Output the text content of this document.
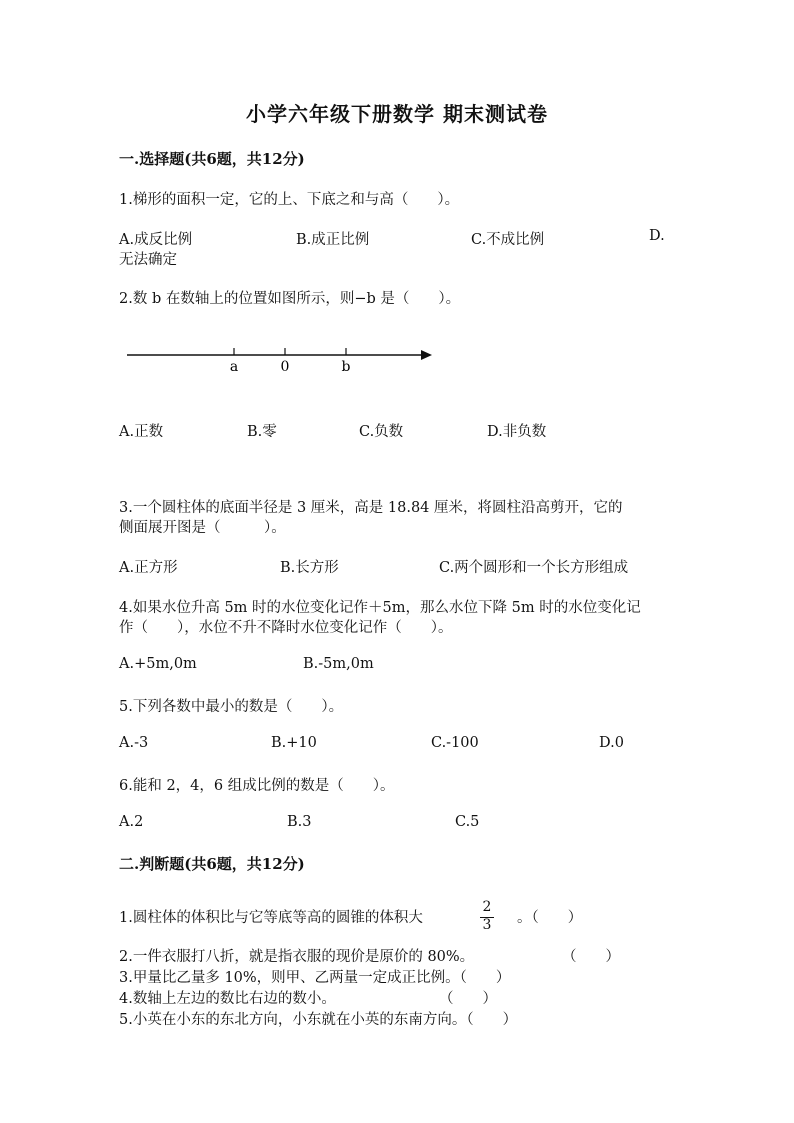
小学六年级下册数学 期末测试卷
一.选择题(共6题，共12分)
1.梯形的面积一定，它的上、下底之和与高（　　）。
A.成反比例	B.成正比例	C.不成比例	D.
无法确定
2.数 b 在数轴上的位置如图所示，则−b 是（　　）。
a	0	b
A.正数	B.零	C.负数	D.非负数
3.一个圆柱体的底面半径是 3 厘米，高是 18.84 厘米，将圆柱沿高剪开，它的
侧面展开图是（　　　）。
A.正方形	B.长方形	C.两个圆形和一个长方形组成
4.如果水位升高 5m 时的水位变化记作＋5m，那么水位下降 5m 时的水位变化记
作（　　），水位不升不降时水位变化记作（　　）。
A.+5m,0m	B.-5m,0m
5.下列各数中最小的数是（　　）。
A.-3	B.+10	C.-100	D.0
6.能和 2，4，6 组成比例的数是（　　）。
A.2	B.3	C.5
二.判断题(共6题，共12分)
1.圆柱体的体积比与它等底等高的圆锥的体积大
2
3	。（　　）
2.一件衣服打八折，就是指衣服的现价是原价的 80%。	（　　）
3.甲量比乙量多 10%，则甲、乙两量一定成正比例。（　　）
4.数轴上左边的数比右边的数小。	（　　）
5.小英在小东的东北方向，小东就在小英的东南方向。（　　）
